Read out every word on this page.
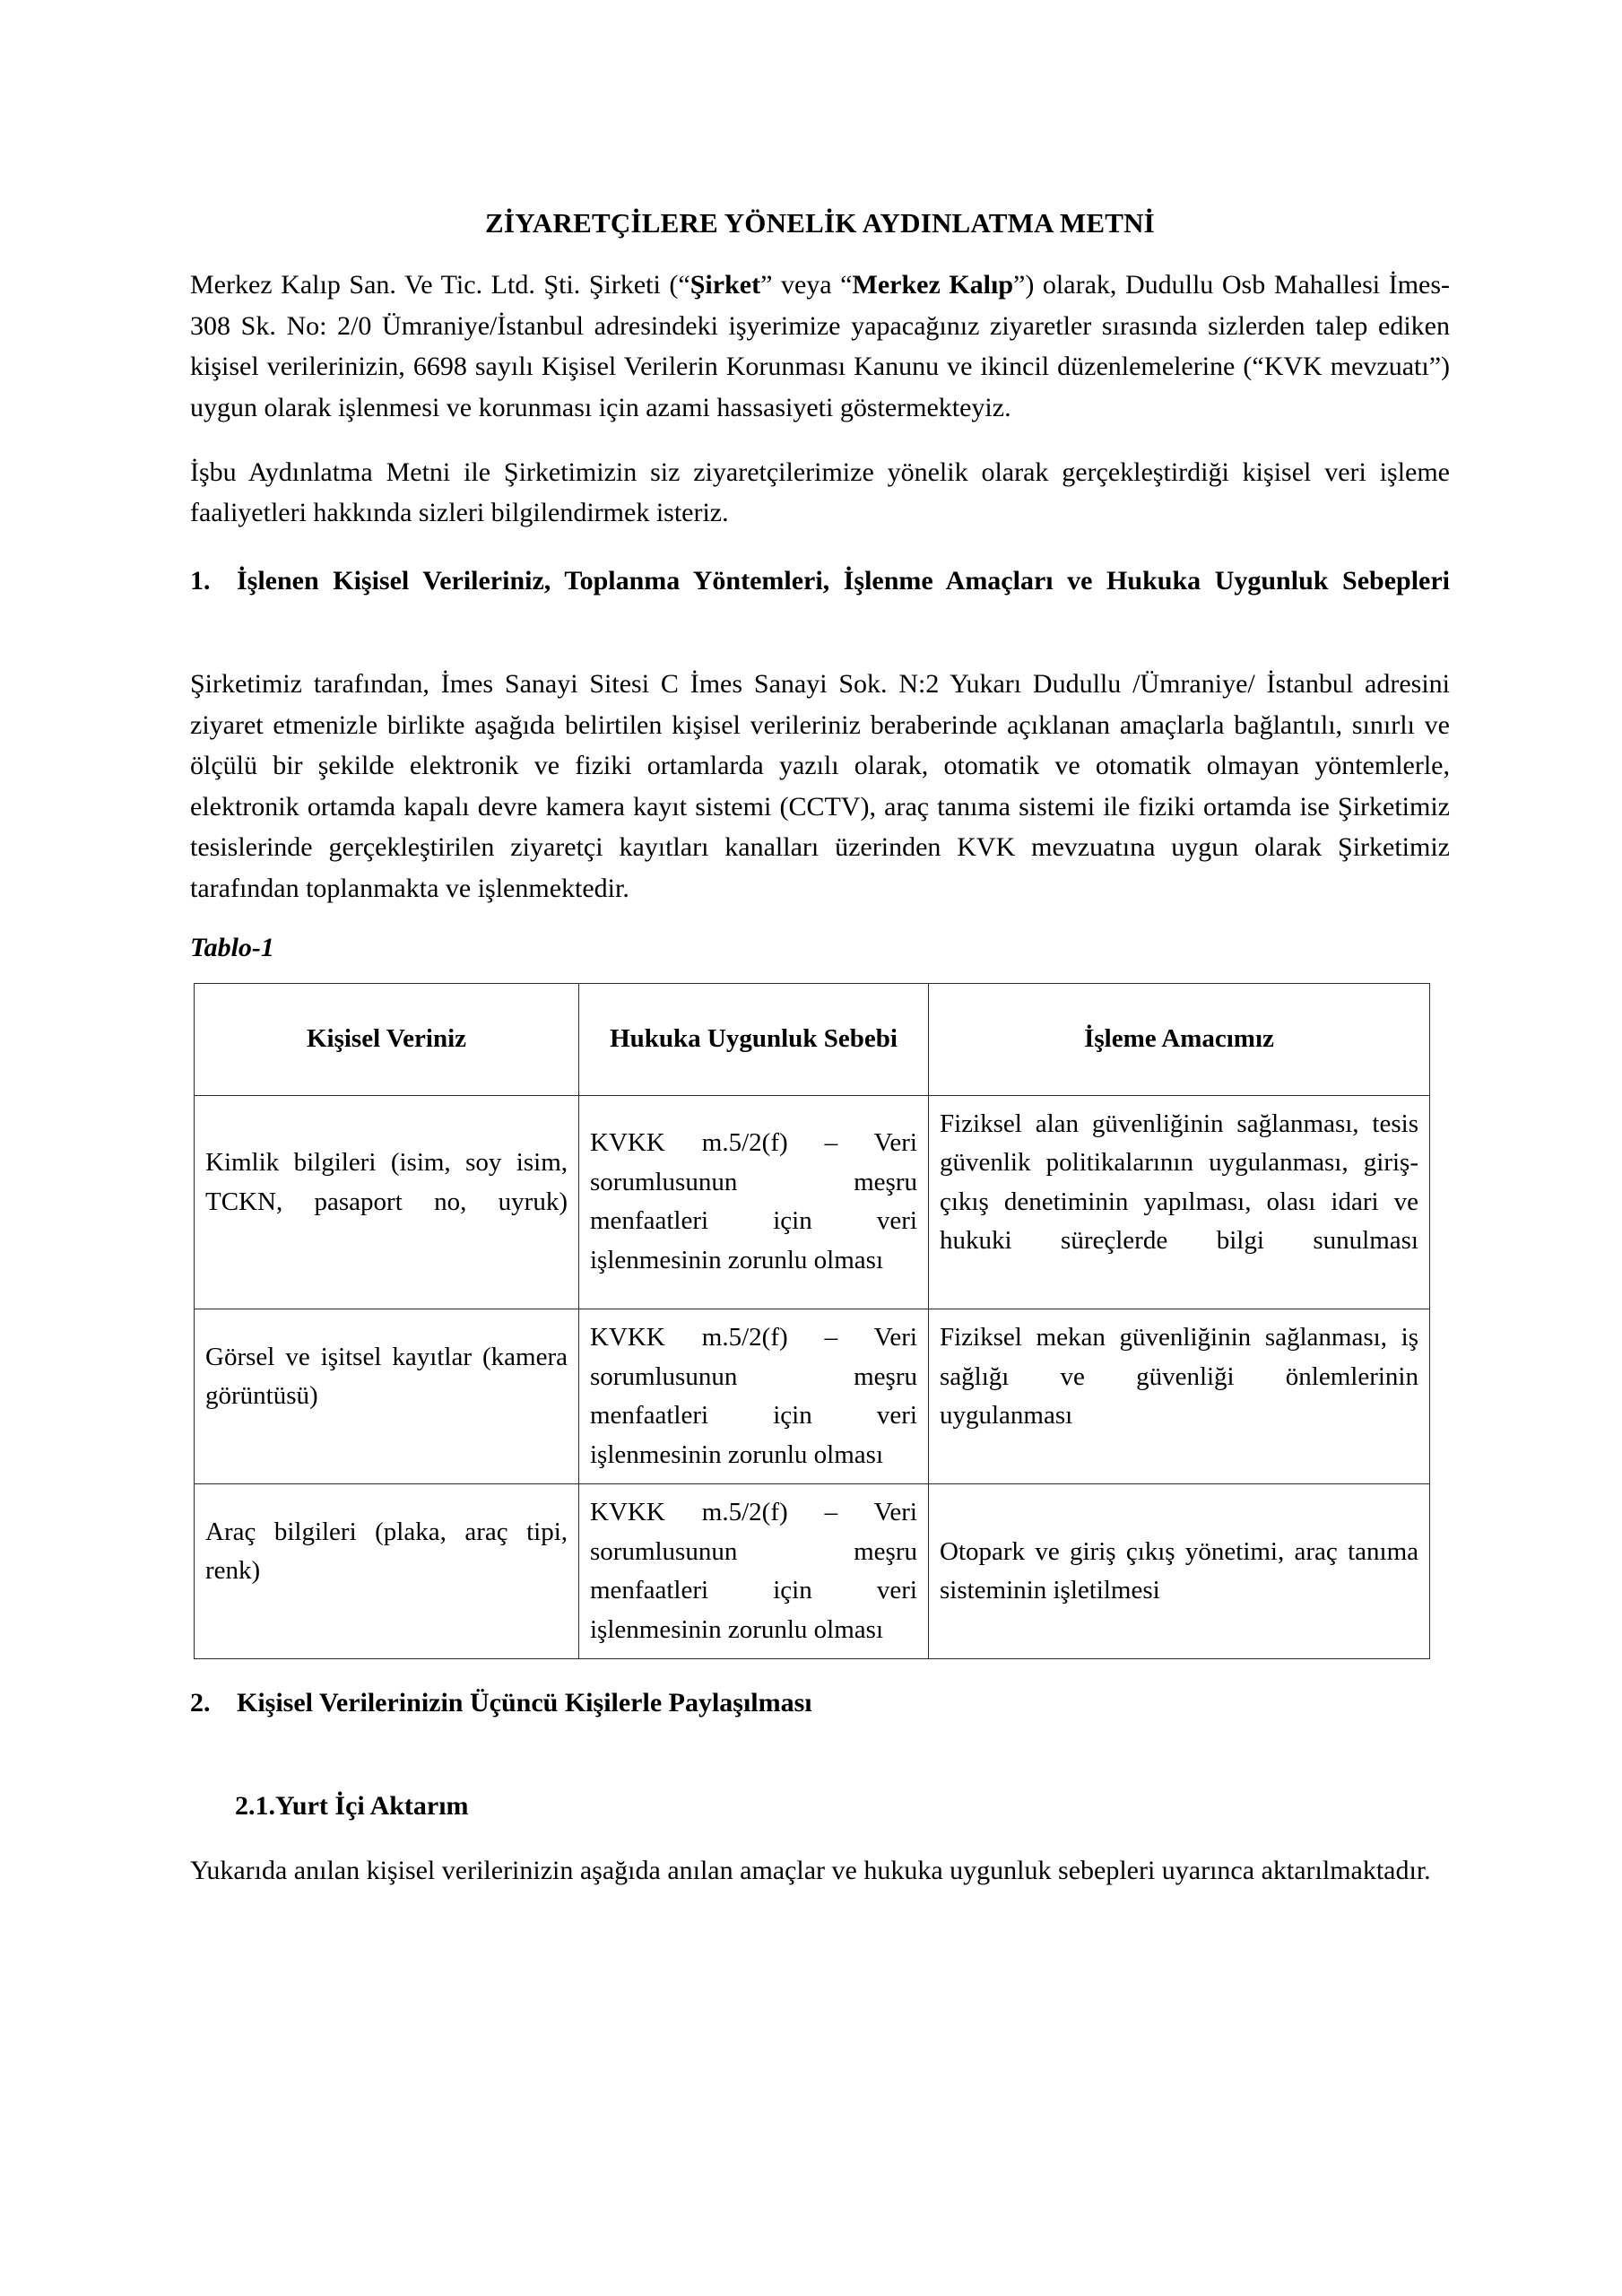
ZİYARETÇİLERE YÖNELİK AYDINLATMA METNİ

Merkez Kalıp San. Ve Tic. Ltd. Şti. Şirketi (“Şirket” veya “Merkez Kalıp”) olarak, Dudullu Osb Mahallesi İmes-308 Sk. No: 2/0 Ümraniye/İstanbul adresindeki işyerimize yapacağınız ziyaretler sırasında sizlerden talep ediken kişisel verilerinizin, 6698 sayılı Kişisel Verilerin Korunması Kanunu ve ikincil düzenlemelerine (“KVK mevzuatı”) uygun olarak işlenmesi ve korunması için azami hassasiyeti göstermekteyiz.

İşbu Aydınlatma Metni ile Şirketimizin siz ziyaretçilerimize yönelik olarak gerçekleştirdiği kişisel veri işleme faaliyetleri hakkında sizleri bilgilendirmek isteriz.

1. İşlenen Kişisel Verileriniz, Toplanma Yöntemleri, İşlenme Amaçları ve Hukuka Uygunluk Sebepleri

Şirketimiz tarafından, İmes Sanayi Sitesi C İmes Sanayi Sok. N:2 Yukarı Dudullu /Ümraniye/ İstanbul adresini ziyaret etmenizle birlikte aşağıda belirtilen kişisel verileriniz beraberinde açıklanan amaçlarla bağlantılı, sınırlı ve ölçülü bir şekilde elektronik ve fiziki ortamlarda yazılı olarak, otomatik ve otomatik olmayan yöntemlerle, elektronik ortamda kapalı devre kamera kayıt sistemi (CCTV), araç tanıma sistemi ile fiziki ortamda ise Şirketimiz tesislerinde gerçekleştirilen ziyaretçi kayıtları kanalları üzerinden KVK mevzuatına uygun olarak Şirketimiz tarafından toplanmakta ve işlenmektedir.

Tablo-1
Kişisel Veriniz	Hukuka Uygunluk Sebebi	İşleme Amacımız
Kimlik bilgileri (isim, soy isim, TCKN, pasaport no, uyruk)	KVKK m.5/2(f) – Veri sorumlusunun meşru menfaatleri için veri işlenmesinin zorunlu olması	Fiziksel alan güvenliğinin sağlanması, tesis güvenlik politikalarının uygulanması, giriş-çıkış denetiminin yapılması, olası idari ve hukuki süreçlerde bilgi sunulması
Görsel ve işitsel kayıtlar (kamera görüntüsü)	KVKK m.5/2(f) – Veri sorumlusunun meşru menfaatleri için veri işlenmesinin zorunlu olması	Fiziksel mekan güvenliğinin sağlanması, iş sağlığı ve güvenliği önlemlerinin uygulanması
Araç bilgileri (plaka, araç tipi, renk)	KVKK m.5/2(f) – Veri sorumlusunun meşru menfaatleri için veri işlenmesinin zorunlu olması	Otopark ve giriş çıkış yönetimi, araç tanıma sisteminin işletilmesi
2. Kişisel Verilerinizin Üçüncü Kişilerle Paylaşılması
2.1.Yurt İçi Aktarım

Yukarıda anılan kişisel verilerinizin aşağıda anılan amaçlar ve hukuka uygunluk sebepleri uyarınca aktarılmaktadır.
